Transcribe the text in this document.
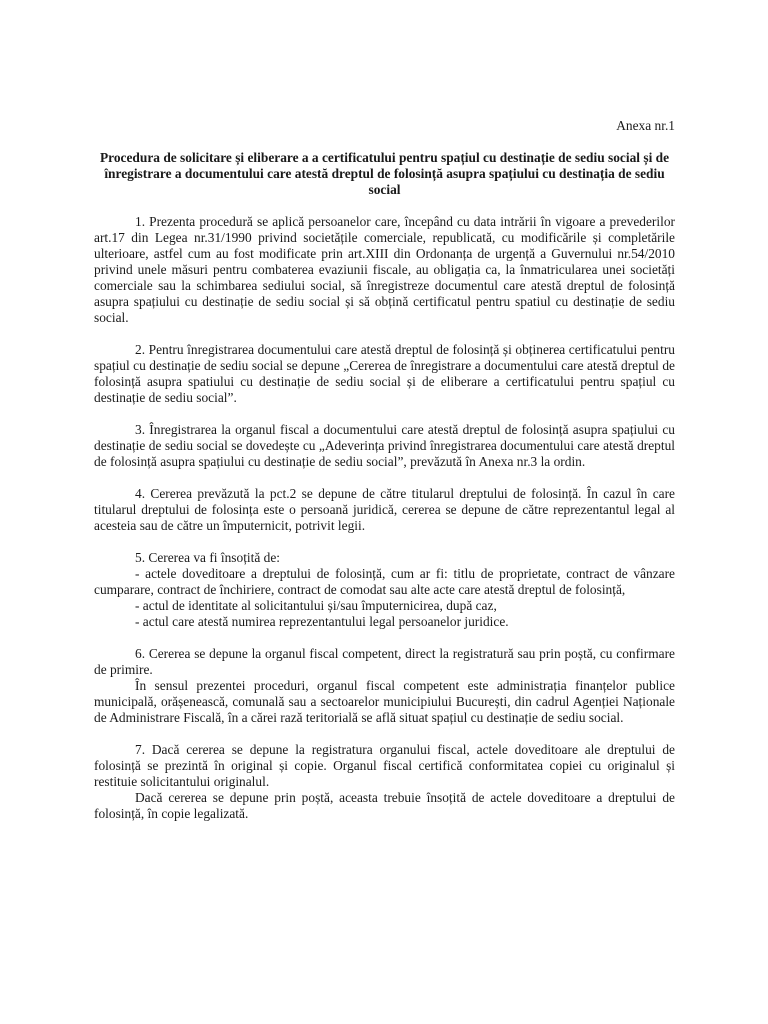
Anexa nr.1

Procedura de solicitare și eliberare a a certificatului pentru spațiul cu destinație de sediu social și de înregistrare a documentului care atestă dreptul de folosință asupra spațiului cu destinația de sediu social

1. Prezenta procedură se aplică persoanelor care, începând cu data intrării în vigoare a prevederilor art.17 din Legea nr.31/1990 privind societățile comerciale, republicată, cu modificările și completările ulterioare, astfel cum au fost modificate prin art.XIII din Ordonanța de urgență a Guvernului nr.54/2010 privind unele măsuri pentru combaterea evaziunii fiscale, au obligația ca, la înmatricularea unei societăți comerciale sau la schimbarea sediului social, să înregistreze documentul care atestă dreptul de folosință asupra spațiului cu destinație de sediu social și să obțină certificatul pentru spatiul cu destinație de sediu social.

2. Pentru înregistrarea documentului care atestă dreptul de folosință și obținerea certificatului pentru spațiul cu destinație de sediu social se depune „Cererea de înregistrare a documentului care atestă dreptul de folosință asupra spatiului cu destinație de sediu social și de eliberare a certificatului pentru spațiul cu destinație de sediu social”.

3. Înregistrarea la organul fiscal a documentului care atestă dreptul de folosință asupra spațiului cu destinație de sediu social se dovedește cu „Adeverința privind înregistrarea documentului care atestă dreptul de folosință asupra spațiului cu destinație de sediu social”, prevăzută în Anexa nr.3 la ordin.

4. Cererea prevăzută la pct.2 se depune de către titularul dreptului de folosință. În cazul în care titularul dreptului de folosința este o persoană juridică, cererea se depune de către reprezentantul legal al acesteia sau de către un împuternicit, potrivit legii.

5. Cererea va fi însoțită de:

- actele doveditoare a dreptului de folosință, cum ar fi: titlu de proprietate, contract de vânzare cumparare, contract de închiriere, contract de comodat sau alte acte care atestă dreptul de folosință,

- actul de identitate al solicitantului și/sau împuternicirea, după caz,

- actul care atestă numirea reprezentantului legal persoanelor juridice.

6. Cererea se depune la organul fiscal competent, direct la registratură sau prin poștă, cu confirmare de primire.

În sensul prezentei proceduri, organul fiscal competent este administrația finanțelor publice municipală, orășenească, comunală sau a sectoarelor municipiului București, din cadrul Agenției Naționale de Administrare Fiscală, în a cărei rază teritorială se află situat spațiul cu destinație de sediu social.

7. Dacă cererea se depune la registratura organului fiscal, actele doveditoare ale dreptului de folosință se prezintă în original și copie. Organul fiscal certifică conformitatea copiei cu originalul și restituie solicitantului originalul.

Dacă cererea se depune prin poștă, aceasta trebuie însoțită de actele doveditoare a dreptului de folosință, în copie legalizată.
